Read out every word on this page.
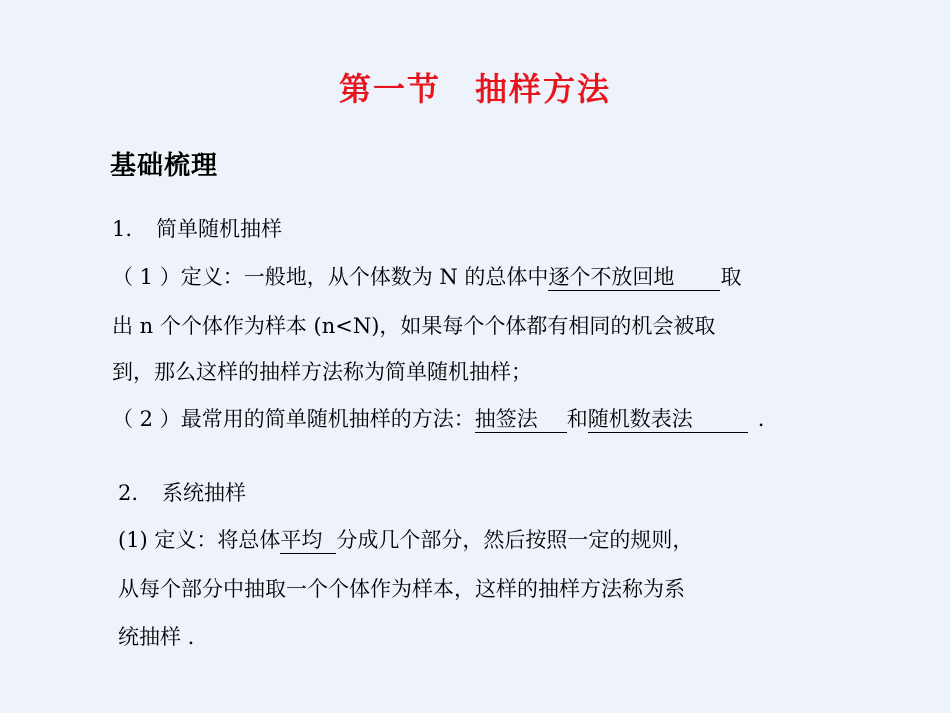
第一节　抽样方法
基础梳理
1. 简单随机抽样
（ 1 ）定义：一般地，从个体数为 N 的总体中逐个不放回地 取
出 n 个个体作为样本 (n<N)，如果每个个体都有相同的机会被取
到，那么这样的抽样方法称为简单随机抽样；
（ 2 ）最常用的简单随机抽样的方法：抽签法 和随机数表法	.
2. 系统抽样
(1) 定义：将总体平均 分成几个部分，然后按照一定的规则，
从每个部分中抽取一个个体作为样本，这样的抽样方法称为系
统抽样 .
